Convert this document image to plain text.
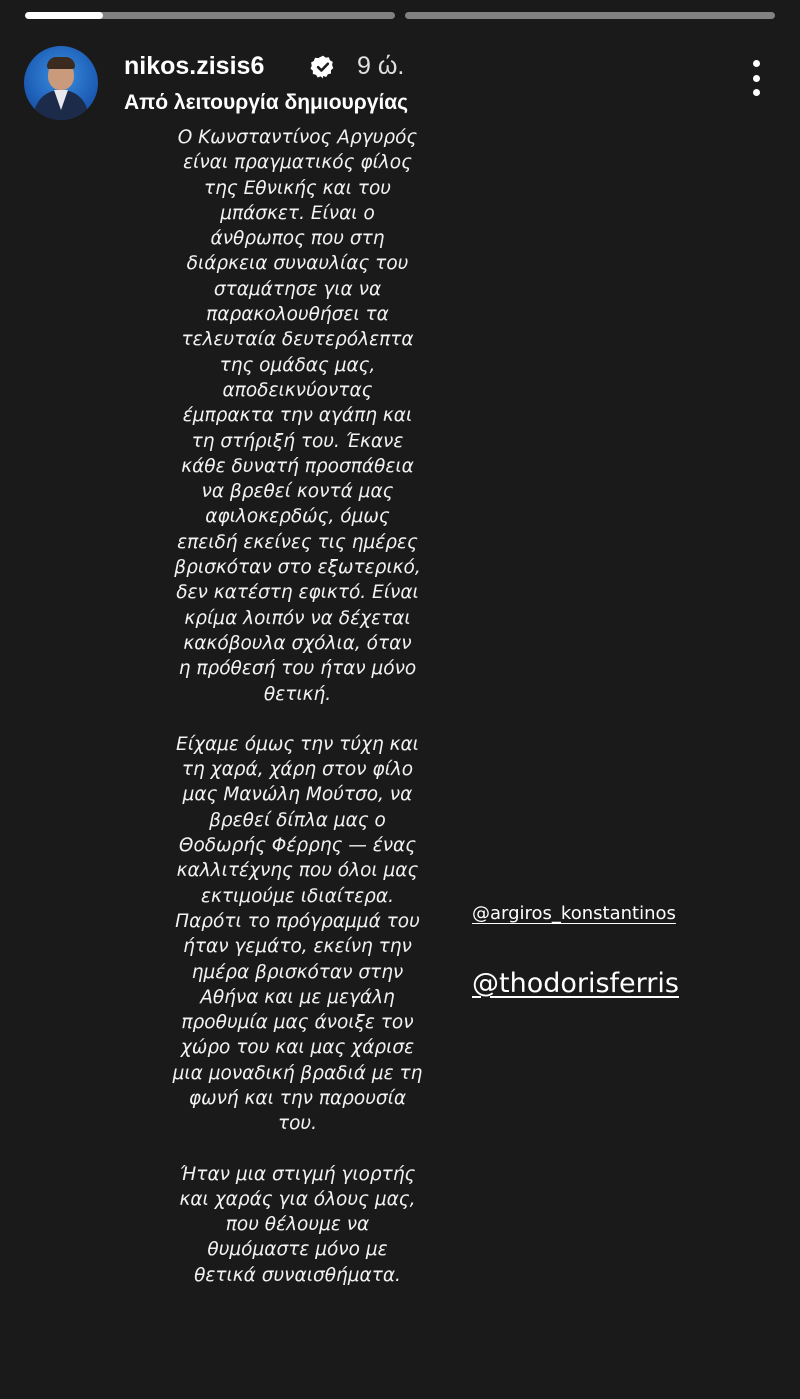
nikos.zisis6	9 ώ.
Από λειτουργία δημιουργίας

Ο Κωνσταντίνος Αργυρός
είναι πραγματικός φίλος
της Εθνικής και του
μπάσκετ. Είναι ο
άνθρωπος που στη
διάρκεια συναυλίας του
σταμάτησε για να
παρακολουθήσει τα
τελευταία δευτερόλεπτα
της ομάδας μας,
αποδεικνύοντας
έμπρακτα την αγάπη και
τη στήριξή του. Έκανε
κάθε δυνατή προσπάθεια
να βρεθεί κοντά μας
αφιλοκερδώς, όμως
επειδή εκείνες τις ημέρες
βρισκόταν στο εξωτερικό,
δεν κατέστη εφικτό. Είναι
κρίμα λοιπόν να δέχεται
κακόβουλα σχόλια, όταν
η πρόθεσή του ήταν μόνο
θετική.

Είχαμε όμως την τύχη και
τη χαρά, χάρη στον φίλο
μας Μανώλη Μούτσο, να
βρεθεί δίπλα μας ο
Θοδωρής Φέρρης — ένας
καλλιτέχνης που όλοι μας
εκτιμούμε ιδιαίτερα.
Παρότι το πρόγραμμά του
ήταν γεμάτο, εκείνη την
ημέρα βρισκόταν στην
Αθήνα και με μεγάλη
προθυμία μας άνοιξε τον
χώρο του και μας χάρισε
μια μοναδική βραδιά με τη
φωνή και την παρουσία
του.

Ήταν μια στιγμή γιορτής
και χαράς για όλους μας,
που θέλουμε να
θυμόμαστε μόνο με
θετικά συναισθήματα.

@argiros_konstantinos
@thodorisferris
